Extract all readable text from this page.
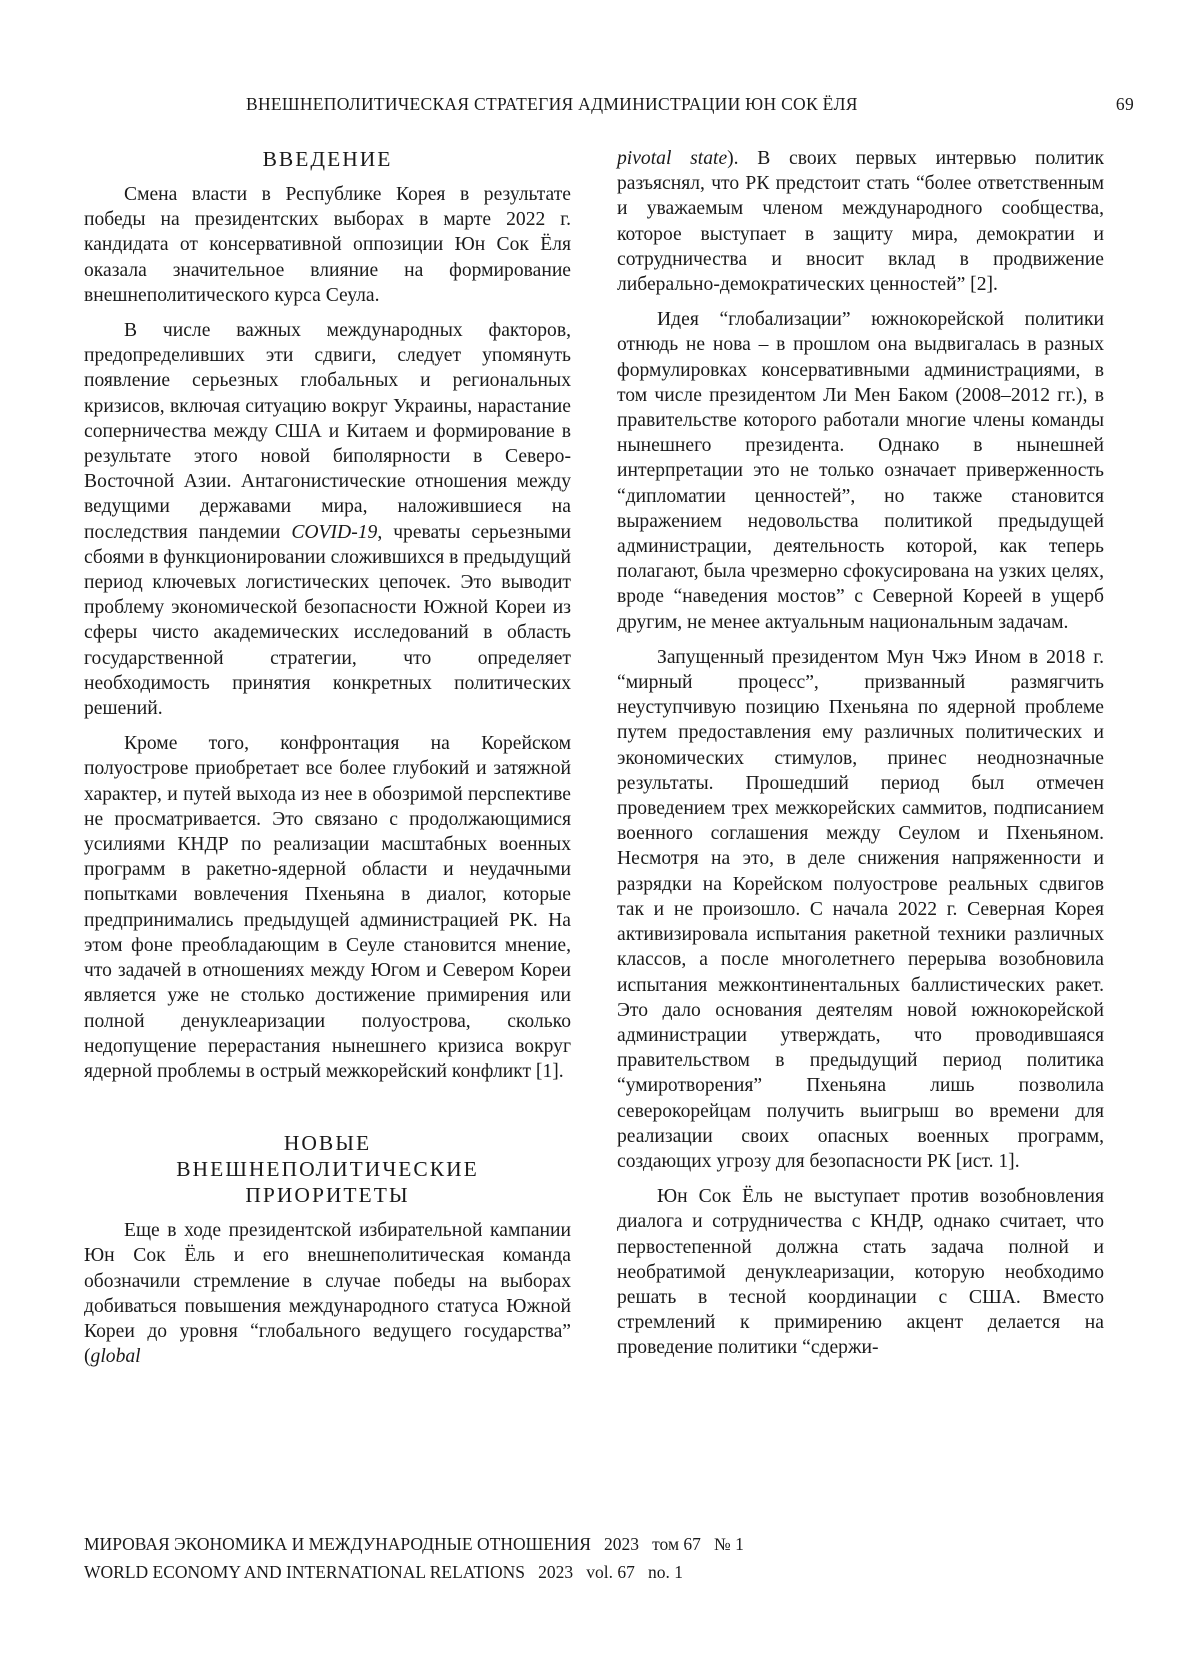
ВНЕШНЕПОЛИТИЧЕСКАЯ СТРАТЕГИЯ АДМИНИСТРАЦИИ ЮН СОК ЁЛЯ	69
ВВЕДЕНИЕ

Смена власти в Республике Корея в результате победы на президентских выборах в марте 2022 г. кандидата от консервативной оппозиции Юн Сок Ёля оказала значительное влияние на формирование внешнеполитического курса Сеула.

В числе важных международных факторов, предопределивших эти сдвиги, следует упомянуть появление серьезных глобальных и региональных кризисов, включая ситуацию вокруг Украины, нарастание соперничества между США и Китаем и формирование в результате этого новой биполярности в Северо-Восточной Азии. Антагонистические отношения между ведущими державами мира, наложившиеся на последствия пандемии COVID-19, чреваты серьезными сбоями в функционировании сложившихся в предыдущий период ключевых логистических цепочек. Это выводит проблему экономической безопасности Южной Кореи из сферы чисто академических исследований в область государственной стратегии, что определяет необходимость принятия конкретных политических решений.

Кроме того, конфронтация на Корейском полуострове приобретает все более глубокий и затяжной характер, и путей выхода из нее в обозримой перспективе не просматривается. Это связано с продолжающимися усилиями КНДР по реализации масштабных военных программ в ракетно-ядерной области и неудачными попытками вовлечения Пхеньяна в диалог, которые предпринимались предыдущей администрацией РК. На этом фоне преобладающим в Сеуле становится мнение, что задачей в отношениях между Югом и Севером Кореи является уже не столько достижение примирения или полной денуклеаризации полуострова, сколько недопущение перерастания нынешнего кризиса вокруг ядерной проблемы в острый межкорейский конфликт [1].

НОВЫЕ
ВНЕШНЕПОЛИТИЧЕСКИЕ
ПРИОРИТЕТЫ

Еще в ходе президентской избирательной кампании Юн Сок Ёль и его внешнеполитическая команда обозначили стремление в случае победы на выборах добиваться повышения международного статуса Южной Кореи до уровня “глобального ведущего государства” (global

pivotal state). В своих первых интервью политик разъяснял, что РК предстоит стать “более ответственным и уважаемым членом международного сообщества, которое выступает в защиту мира, демократии и сотрудничества и вносит вклад в продвижение либерально-демократических ценностей” [2].

Идея “глобализации” южнокорейской политики отнюдь не нова – в прошлом она выдвигалась в разных формулировках консервативными администрациями, в том числе президентом Ли Мен Баком (2008–2012 гг.), в правительстве которого работали многие члены команды нынешнего президента. Однако в нынешней интерпретации это не только означает приверженность “дипломатии ценностей”, но также становится выражением недовольства политикой предыдущей администрации, деятельность которой, как теперь полагают, была чрезмерно сфокусирована на узких целях, вроде “наведения мостов” с Северной Кореей в ущерб другим, не менее актуальным национальным задачам.

Запущенный президентом Мун Чжэ Ином в 2018 г. “мирный процесс”, призванный размягчить неуступчивую позицию Пхеньяна по ядерной проблеме путем предоставления ему различных политических и экономических стимулов, принес неоднозначные результаты. Прошедший период был отмечен проведением трех межкорейских саммитов, подписанием военного соглашения между Сеулом и Пхеньяном. Несмотря на это, в деле снижения напряженности и разрядки на Корейском полуострове реальных сдвигов так и не произошло. С начала 2022 г. Северная Корея активизировала испытания ракетной техники различных классов, а после многолетнего перерыва возобновила испытания межконтинентальных баллистических ракет. Это дало основания деятелям новой южнокорейской администрации утверждать, что проводившаяся правительством в предыдущий период политика “умиротворения” Пхеньяна лишь позволила северокорейцам получить выигрыш во времени для реализации своих опасных военных программ, создающих угрозу для безопасности РК [ист. 1].

Юн Сок Ёль не выступает против возобновления диалога и сотрудничества с КНДР, однако считает, что первостепенной должна стать задача полной и необратимой денуклеаризации, которую необходимо решать в тесной координации с США. Вместо стремлений к примирению акцент делается на проведение политики “сдержи-

МИРОВАЯ ЭКОНОМИКА И МЕЖДУНАРОДНЫЕ ОТНОШЕНИЯ   2023   том 67   № 1
WORLD ECONOMY AND INTERNATIONAL RELATIONS   2023   vol. 67   no. 1
